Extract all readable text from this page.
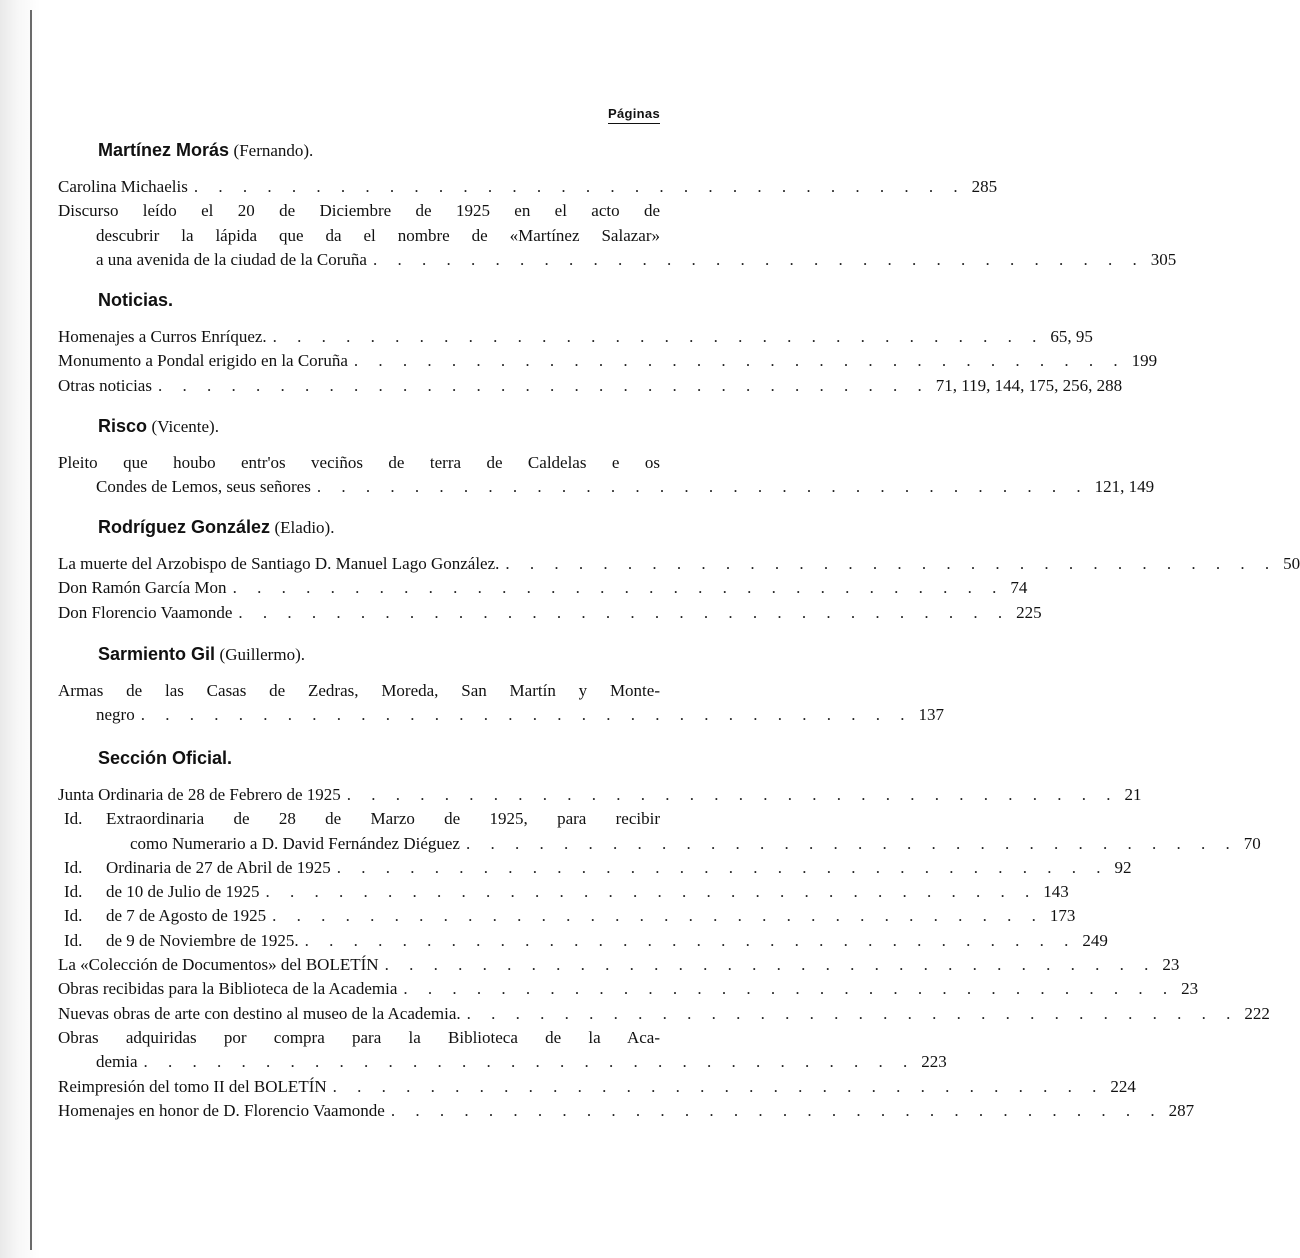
Páginas
Martínez Morás (Fernando).
Carolina Michaelis . . . . . . . . . . . . . . . . . . . . . . . . . . . . . . . . 285
Discurso leído el 20 de Diciembre de 1925 en el acto de
descubrir la lápida que da el nombre de «Martínez Salazar»
a una avenida de la ciudad de la Coruña . . . . . . . . . . . . . . . . . . . . . . . . . . . . . . . . 305
Noticias.
Homenajes a Curros Enríquez. . . . . . . . . . . . . . . . . . . . . . . . . . . . . . . . . 65, 95
Monumento a Pondal erigido en la Coruña . . . . . . . . . . . . . . . . . . . . . . . . . . . . . . . . 199
Otras noticias . . . . . . . . . . . . . . . . . . . . . . . . . . . . . . . . 71, 119, 144, 175, 256, 288
Risco (Vicente).
Pleito que houbo entr'os veciños de terra de Caldelas e os
Condes de Lemos, seus señores . . . . . . . . . . . . . . . . . . . . . . . . . . . . . . . . 121, 149
Rodríguez González (Eladio).
La muerte del Arzobispo de Santiago D. Manuel Lago González. . . . . . . . . . . . . . . . . . . . . . . . . . . . . . . . . 50
Don Ramón García Mon . . . . . . . . . . . . . . . . . . . . . . . . . . . . . . . . 74
Don Florencio Vaamonde . . . . . . . . . . . . . . . . . . . . . . . . . . . . . . . . 225
Sarmiento Gil (Guillermo).
Armas de las Casas de Zedras, Moreda, San Martín y Monte-
negro . . . . . . . . . . . . . . . . . . . . . . . . . . . . . . . . 137
Sección Oficial.
Junta Ordinaria de 28 de Febrero de 1925 . . . . . . . . . . . . . . . . . . . . . . . . . . . . . . . . 21
Id.	Extraordinaria de 28 de Marzo de 1925, para recibir
como Numerario a D. David Fernández Diéguez . . . . . . . . . . . . . . . . . . . . . . . . . . . . . . . . 70
Id.	Ordinaria de 27 de Abril de 1925 . . . . . . . . . . . . . . . . . . . . . . . . . . . . . . . . 92
Id.	de 10 de Julio de 1925 . . . . . . . . . . . . . . . . . . . . . . . . . . . . . . . . 143
Id.	de 7 de Agosto de 1925 . . . . . . . . . . . . . . . . . . . . . . . . . . . . . . . . 173
Id.	de 9 de Noviembre de 1925. . . . . . . . . . . . . . . . . . . . . . . . . . . . . . . . . 249
La «Colección de Documentos» del BOLETÍN . . . . . . . . . . . . . . . . . . . . . . . . . . . . . . . . 23
Obras recibidas para la Biblioteca de la Academia . . . . . . . . . . . . . . . . . . . . . . . . . . . . . . . . 23
Nuevas obras de arte con destino al museo de la Academia. . . . . . . . . . . . . . . . . . . . . . . . . . . . . . . . . 222
Obras adquiridas por compra para la Biblioteca de la Aca-
demia . . . . . . . . . . . . . . . . . . . . . . . . . . . . . . . . 223
Reimpresión del tomo II del BOLETÍN . . . . . . . . . . . . . . . . . . . . . . . . . . . . . . . . 224
Homenajes en honor de D. Florencio Vaamonde . . . . . . . . . . . . . . . . . . . . . . . . . . . . . . . . 287
